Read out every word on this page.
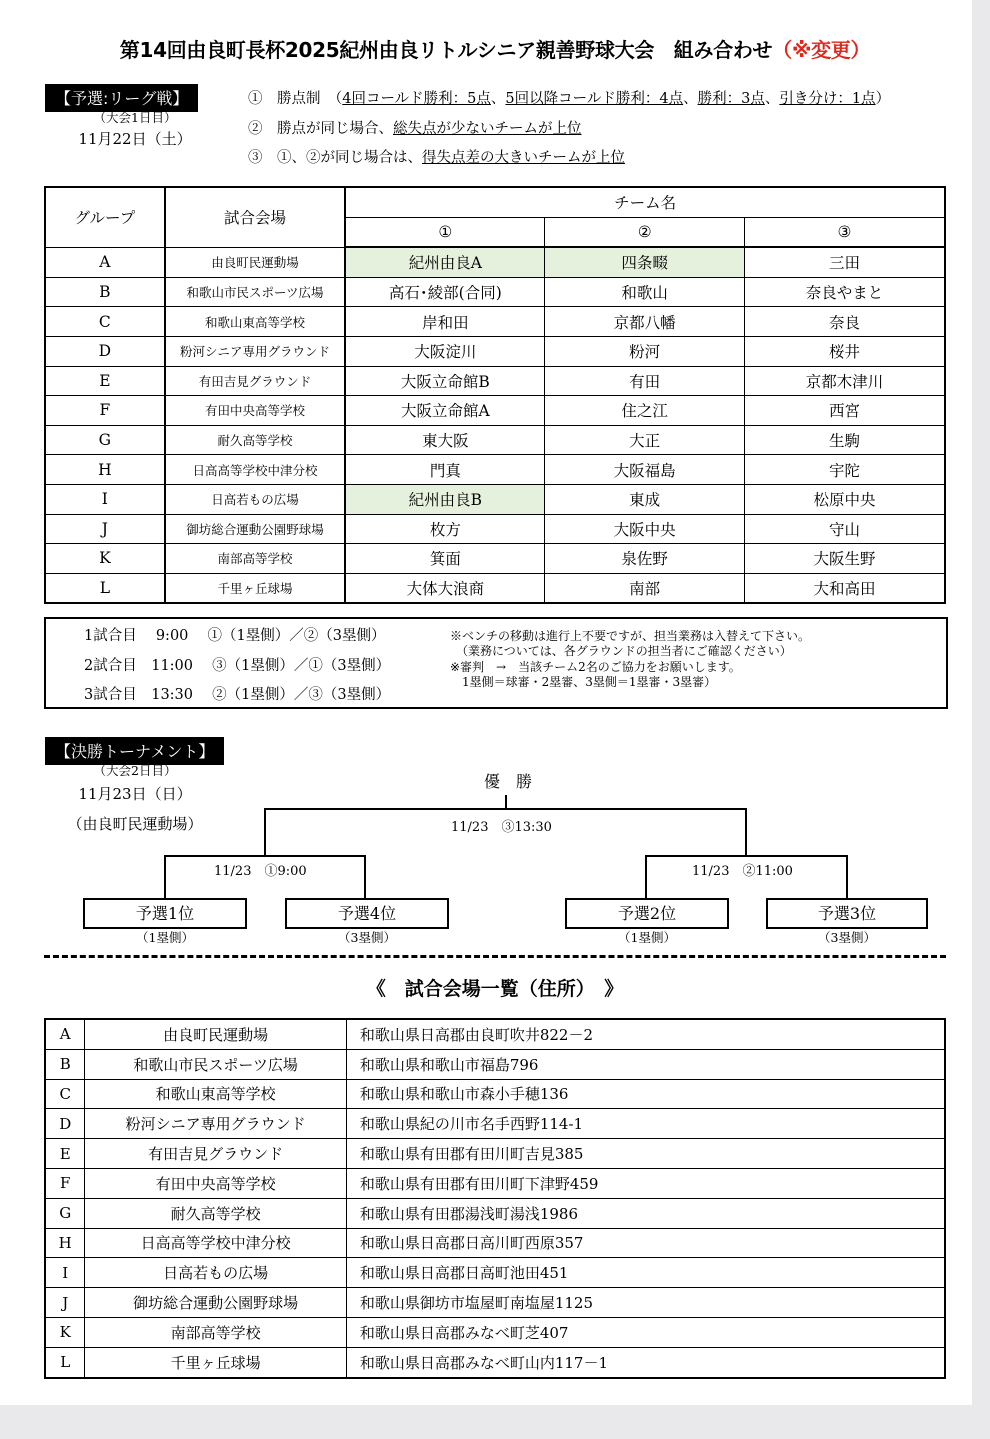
第14回由良町長杯2025紀州由良リトルシニア親善野球大会　組み合わせ（※変更）
【予選:リーグ戦】
（大会1日目）
11月22日（土）
①　勝点制　（4回コールド勝利：5点、5回以降コールド勝利：4点、勝利：3点、引き分け：1点）
②　勝点が同じ場合、総失点が少ないチームが上位
③　①、②が同じ場合は、得失点差の大きいチームが上位
グループ	試合会場	チーム名		
		①	②	③
A	由良町民運動場	紀州由良A	四条畷	三田
B	和歌山市民スポーツ広場	高石･綾部(合同)	和歌山	奈良やまと
C	和歌山東高等学校	岸和田	京都八幡	奈良
D	粉河シニア専用グラウンド	大阪淀川	粉河	桜井
E	有田吉見グラウンド	大阪立命館B	有田	京都木津川
F	有田中央高等学校	大阪立命館A	住之江	西宮
G	耐久高等学校	東大阪	大正	生駒
H	日高高等学校中津分校	門真	大阪福島	宇陀
I	日高若もの広場	紀州由良B	東成	松原中央
J	御坊総合運動公園野球場	枚方	大阪中央	守山
K	南部高等学校	箕面	泉佐野	大阪生野
L	千里ヶ丘球場	大体大浪商	南部	大和高田
1試合目　 9:00　 ①（1塁側）／②（3塁側）
2試合目　11:00　 ③（1塁側）／①（3塁側）
3試合目　13:30　 ②（1塁側）／③（3塁側）
※ベンチの移動は進行上不要ですが、担当業務は入替えて下さい。
　（業務については、各グラウンドの担当者にご確認ください）
※審判　→　当該チーム2名のご協力をお願いします。
　1塁側＝球審・2塁審、3塁側＝1塁審・3塁審）
【決勝トーナメント】
（大会2日目）
11月23日（日）
（由良町民運動場）
優　勝
11/23　③13:30
11/23　①9:00	11/23　②11:00
予選1位	予選4位	予選2位	予選3位
（1塁側）	（3塁側）	（1塁側）	（3塁側）
《　試合会場一覧（住所）　》
A	由良町民運動場	和歌山県日高郡由良町吹井822－2
B	和歌山市民スポーツ広場	和歌山県和歌山市福島796
C	和歌山東高等学校	和歌山県和歌山市森小手穂136
D	粉河シニア専用グラウンド	和歌山県紀の川市名手西野114-1
E	有田吉見グラウンド	和歌山県有田郡有田川町吉見385
F	有田中央高等学校	和歌山県有田郡有田川町下津野459
G	耐久高等学校	和歌山県有田郡湯浅町湯浅1986
H	日高高等学校中津分校	和歌山県日高郡日高川町西原357
I	日高若もの広場	和歌山県日高郡日高町池田451
J	御坊総合運動公園野球場	和歌山県御坊市塩屋町南塩屋1125
K	南部高等学校	和歌山県日高郡みなべ町芝407
L	千里ヶ丘球場	和歌山県日高郡みなべ町山内117－1
